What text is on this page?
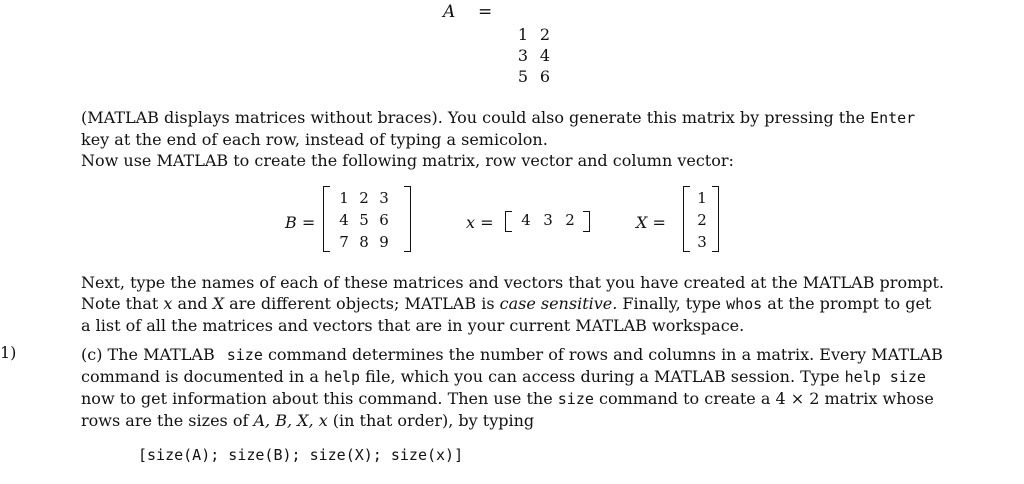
A =
1	2
3	4
5	6
(MATLAB displays matrices without braces). You could also generate this matrix by pressing the Enter
key at the end of each row, instead of typing a semicolon.
Now use MATLAB to create the following matrix, row vector and column vector:
B =
1	2	3
4	5	6
7	8	9
x = 4	3	2	X =
1
2
3
Next, type the names of each of these matrices and vectors that you have created at the MATLAB prompt.
Note that x and X are different objects; MATLAB is case sensitive. Finally, type whos at the prompt to get
a list of all the matrices and vectors that are in your current MATLAB workspace.
1)	(c) The MATLAB size command determines the number of rows and columns in a matrix. Every MATLAB
command is documented in a help file, which you can access during a MATLAB session. Type help size
now to get information about this command. Then use the size command to create a 4 × 2 matrix whose
rows are the sizes of A, B, X, x (in that order), by typing
[size(A); size(B); size(X); size(x)]
